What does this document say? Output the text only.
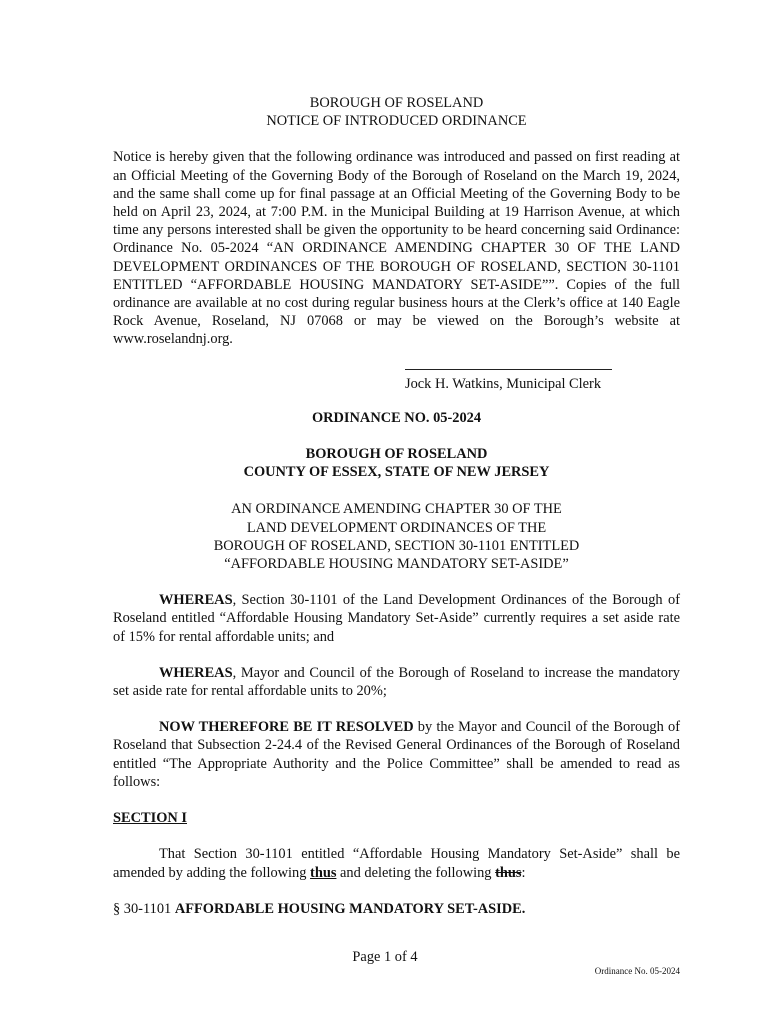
BOROUGH OF ROSELAND
NOTICE OF INTRODUCED ORDINANCE

Notice is hereby given that the following ordinance was introduced and passed on first reading at an Official Meeting of the Governing Body of the Borough of Roseland on the March 19, 2024, and the same shall come up for final passage at an Official Meeting of the Governing Body to be held on April 23, 2024, at 7:00 P.M. in the Municipal Building at 19 Harrison Avenue, at which time any persons interested shall be given the opportunity to be heard concerning said Ordinance: Ordinance No. 05-2024 “AN ORDINANCE AMENDING CHAPTER 30 OF THE LAND DEVELOPMENT ORDINANCES OF THE BOROUGH OF ROSELAND, SECTION 30-1101 ENTITLED “AFFORDABLE HOUSING MANDATORY SET-ASIDE””. Copies of the full ordinance are available at no cost during regular business hours at the Clerk’s office at 140 Eagle Rock Avenue, Roseland, NJ 07068 or may be viewed on the Borough’s website at www.roselandnj.org.

Jock H. Watkins, Municipal Clerk
ORDINANCE NO. 05-2024
BOROUGH OF ROSELAND
COUNTY OF ESSEX, STATE OF NEW JERSEY
AN ORDINANCE AMENDING CHAPTER 30 OF THE
LAND DEVELOPMENT ORDINANCES OF THE
BOROUGH OF ROSELAND, SECTION 30-1101 ENTITLED
“AFFORDABLE HOUSING MANDATORY SET-ASIDE”

WHEREAS, Section 30-1101 of the Land Development Ordinances of the Borough of Roseland entitled “Affordable Housing Mandatory Set-Aside” currently requires a set aside rate of 15% for rental affordable units; and

WHEREAS, Mayor and Council of the Borough of Roseland to increase the mandatory set aside rate for rental affordable units to 20%;

NOW THEREFORE BE IT RESOLVED by the Mayor and Council of the Borough of Roseland that Subsection 2-24.4 of the Revised General Ordinances of the Borough of Roseland entitled “The Appropriate Authority and the Police Committee” shall be amended to read as follows:

SECTION I

That Section 30-1101 entitled “Affordable Housing Mandatory Set-Aside” shall be amended by adding the following thus and deleting the following thus:

§ 30-1101 AFFORDABLE HOUSING MANDATORY SET-ASIDE.

Page 1 of 4
Ordinance No. 05-2024
